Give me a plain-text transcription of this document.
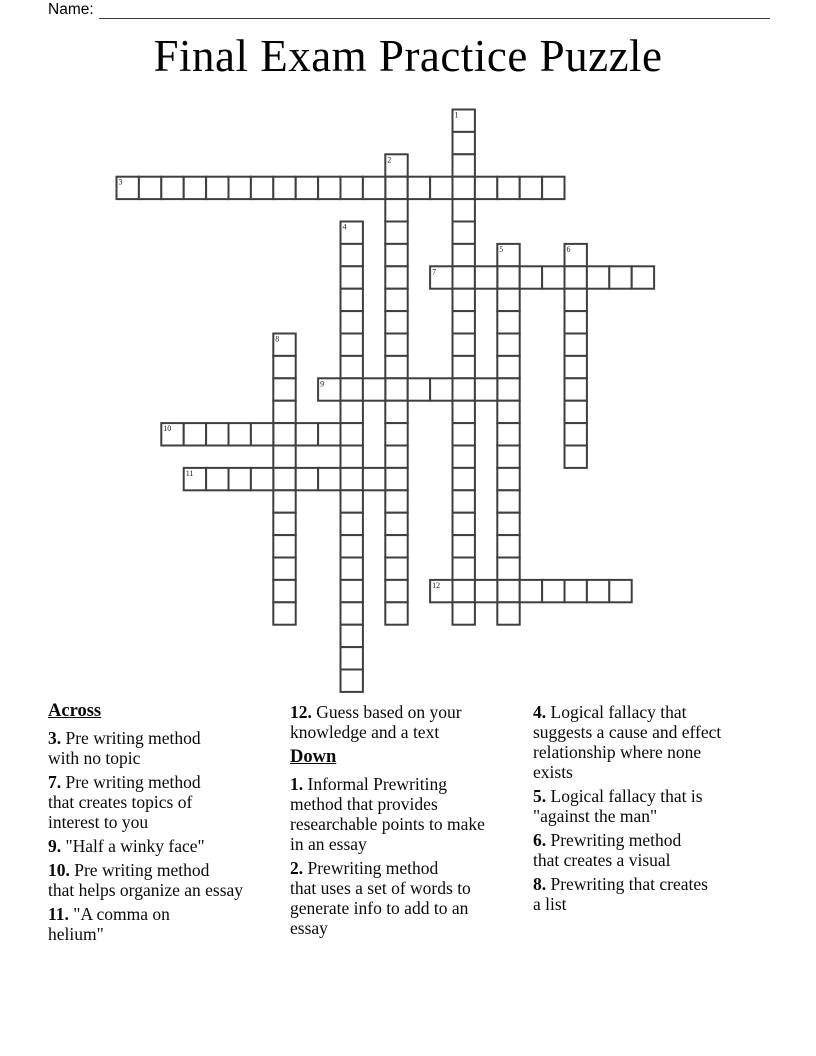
Name:
Final Exam Practice Puzzle
1
2
3
4
5	6
7
8
9
10
11
12
Across

3. Pre writing method
with no topic

7. Pre writing method
that creates topics of
interest to you

9. "Half a winky face"

10. Pre writing method
that helps organize an essay

11. "A comma on
helium"

12. Guess based on your
knowledge and a text

Down

1. Informal Prewriting
method that provides
researchable points to make
in an essay

2. Prewriting method
that uses a set of words to
generate info to add to an
essay

4. Logical fallacy that
suggests a cause and effect
relationship where none
exists

5. Logical fallacy that is
"against the man"

6. Prewriting method
that creates a visual

8. Prewriting that creates
a list
